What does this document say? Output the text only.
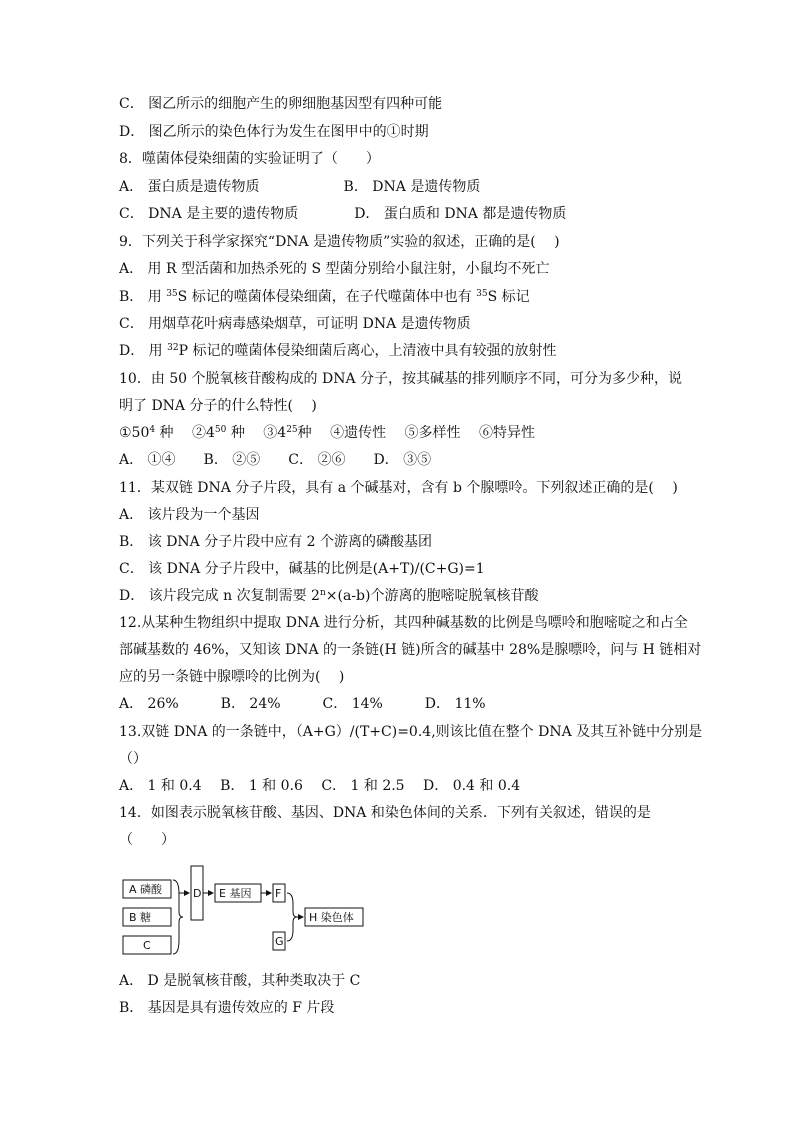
C． 图乙所示的细胞产生的卵细胞基因型有四种可能
D． 图乙所示的染色体行为发生在图甲中的①时期
8．噬菌体侵染细菌的实验证明了（　　）
A． 蛋白质是遗传物质　　　　　　B． DNA 是遗传物质
C． DNA 是主要的遗传物质　　　　D． 蛋白质和 DNA 都是遗传物质
9．下列关于科学家探究“DNA 是遗传物质”实验的叙述，正确的是(　 )
A． 用 R 型活菌和加热杀死的 S 型菌分别给小鼠注射，小鼠均不死亡
B． 用 $^{35}$S 标记的噬菌体侵染细菌，在子代噬菌体中也有 $^{35}$S 标记
C． 用烟草花叶病毒感染烟草，可证明 DNA 是遗传物质
D． 用 $^{32}$P 标记的噬菌体侵染细菌后离心，上清液中具有较强的放射性
10．由 50 个脱氧核苷酸构成的 DNA 分子，按其碱基的排列顺序不同，可分为多少种，说
明了 DNA 分子的什么特性(　 )
$①50^4$ 种　 $②4^{50}$ 种　 $③4^{25}$种　 ④遗传性　 ⑤多样性　 ⑥特异性
A． ①④　　B． ②⑤　　C． ②⑥　　D． ③⑤
11．某双链 DNA 分子片段，具有 a 个碱基对，含有 b 个腺嘌呤。下列叙述正确的是(　 )
A． 该片段为一个基因
B． 该 DNA 分子片段中应有 2 个游离的磷酸基团
C． 该 DNA 分子片段中，碱基的比例是(A+T)/(C+G)=1
D． 该片段完成 n 次复制需要 $2^n\times(a-b)$个游离的胞嘧啶脱氧核苷酸
12.从某种生物组织中提取 DNA 进行分析，其四种碱基数的比例是鸟嘌呤和胞嘧啶之和占全
部碱基数的 46%，又知该 DNA 的一条链(H 链)所含的碱基中 28%是腺嘌呤，问与 H 链相对
应的另一条链中腺嘌呤的比例为(　 )
A． 26%　　　B． 24%　　　C． 14%　　　D． 11%
13.双链 DNA 的一条链中，（A+G）/(T+C)=0.4,则该比值在整个 DNA 及其互补链中分别是
（）
A． 1 和 0.4　 B． 1 和 0.6　 C． 1 和 2.5　 D． 0.4 和 0.4
14．如图表示脱氧核苷酸、基因、DNA 和染色体间的关系．下列有关叙述，错误的是
（　　）
A 磷酸
B 糖
C
D E 基因 F
G
H 染色体
A． D 是脱氧核苷酸，其种类取决于 C
B． 基因是具有遗传效应的 F 片段
